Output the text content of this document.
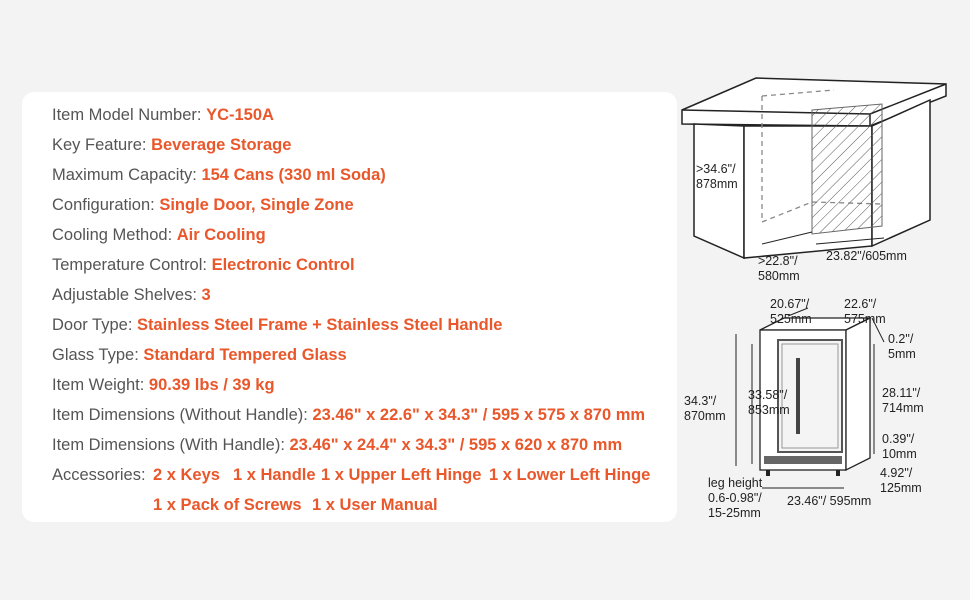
Item Model Number: YC-150A
Key Feature: Beverage Storage
Maximum Capacity: 154 Cans (330 ml Soda)
Configuration: Single Door, Single Zone
Cooling Method: Air Cooling
Temperature Control: Electronic Control
Adjustable Shelves: 3
Door Type: Stainless Steel Frame + Stainless Steel Handle
Glass Type: Standard Tempered Glass
Item Weight: 90.39 lbs / 39 kg
Item Dimensions (Without Handle): 23.46" x 22.6" x 34.3" / 595 x 575 x 870 mm
Item Dimensions (With Handle): 23.46" x 24.4" x 34.3" / 595 x 620 x 870 mm
Accessories: 2 x Keys 1 x Handle 1 x Upper Left Hinge 1 x Lower Left Hinge
1 x Pack of Screws 1 x User Manual
>34.6"/
878mm
>22.8"/
580mm
23.82"/605mm
20.67"/
525mm
22.6"/
575mm
0.2"/
5mm
34.3"/
870mm
33.58"/
853mm
28.11"/
714mm
0.39"/
10mm
4.92"/
125mm
leg height
0.6-0.98"/
15-25mm
23.46"/ 595mm
